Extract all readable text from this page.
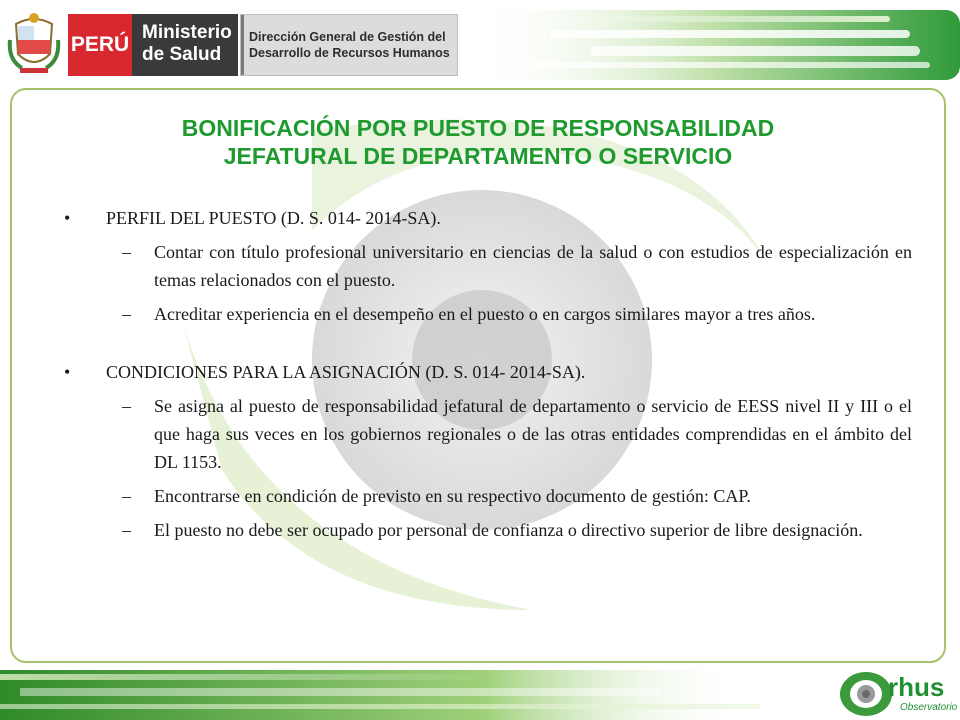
PERÚ
Ministerio
de Salud
Dirección General de Gestión del
Desarrollo de Recursos Humanos
BONIFICACIÓN POR PUESTO DE RESPONSABILIDAD
JEFATURAL DE DEPARTAMENTO O SERVICIO

• PERFIL DEL PUESTO (D. S. 014- 2014-SA).

– Contar con título profesional universitario en ciencias de la salud o con estudios de especialización en temas relacionados con el puesto.

– Acreditar experiencia en el desempeño en el puesto o en cargos similares mayor a tres años.

• CONDICIONES PARA LA ASIGNACIÓN (D. S. 014- 2014-SA).

– Se asigna al puesto de responsabilidad jefatural de departamento o servicio de EESS nivel II y III o el que haga sus veces en los gobiernos regionales o de las otras entidades comprendidas en el ámbito del DL 1153.

– Encontrarse en condición de previsto en su respectivo documento de gestión: CAP.

– El puesto no debe ser ocupado por personal de confianza o directivo superior de libre designación.

rhus
Observatorio
